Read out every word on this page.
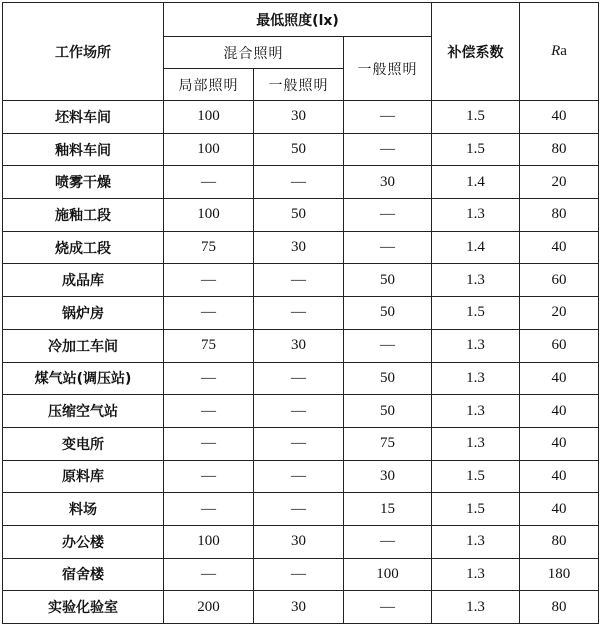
工作场所	最低照度(lx)			补偿系数	Ra
	混合照明		一般照明		
	局部照明	一般照明			
坯料车间	100	30	—	1.5	40
釉料车间	100	50	—	1.5	80
喷雾干燥	—	—	30	1.4	20
施釉工段	100	50	—	1.3	80
烧成工段	75	30	—	1.4	40
成品库	—	—	50	1.3	60
锅炉房	—	—	50	1.5	20
冷加工车间	75	30	—	1.3	60
煤气站(调压站)	—	—	50	1.3	40
压缩空气站	—	—	50	1.3	40
变电所	—	—	75	1.3	40
原料库	—	—	30	1.5	40
料场	—	—	15	1.5	40
办公楼	100	30	—	1.3	80
宿舍楼	—	—	100	1.3	180
实验化验室	200	30	—	1.3	80
